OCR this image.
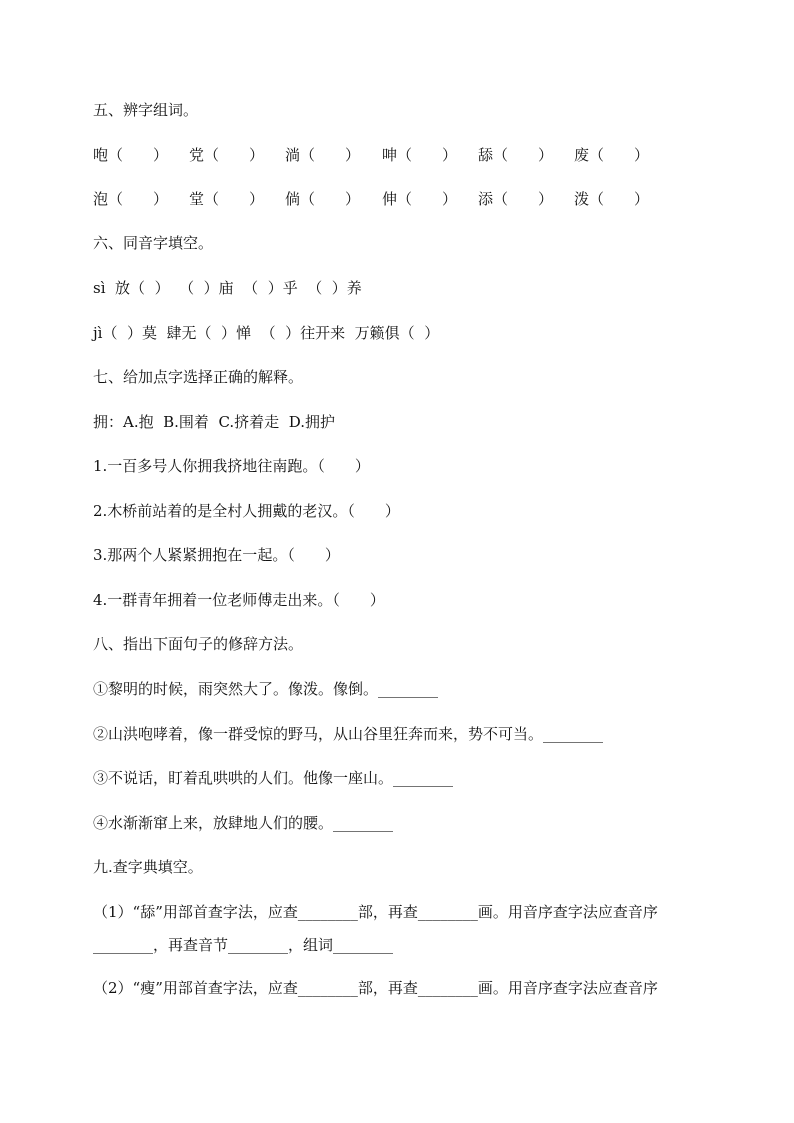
五、辨字组词。
咆（　　） 党（　　） 淌（　　） 呻（　　） 舔（　　） 废（　　）
泡（　　） 堂（　　） 倘（　　） 伸（　　） 添（　　） 泼（　　）
六、同音字填空。
sì  放（  ）  （  ）庙  （  ）乎  （  ）养
jì（  ）莫  肆无（  ）惮  （  ）往开来  万籁俱（  ）
七、给加点字选择正确的解释。
拥：A.抱  B.围着  C.挤着走  D.拥护
1.一百多号人你拥我挤地往南跑。（　　）
2.木桥前站着的是全村人拥戴的老汉。（　　）
3.那两个人紧紧拥抱在一起。（　　）
4.一群青年拥着一位老师傅走出来。（　　）
八、指出下面句子的修辞方法。
①黎明的时候，雨突然大了。像泼。像倒。________
②山洪咆哮着，像一群受惊的野马，从山谷里狂奔而来，势不可当。________
③不说话，盯着乱哄哄的人们。他像一座山。________
④水渐渐窜上来，放肆地人们的腰。________
九.查字典填空。
（1）“舔”用部首查字法，应查________部，再查________画。用音序查字法应查音序
________，再查音节________，组词________
（2）“瘦”用部首查字法，应查________部，再查________画。用音序查字法应查音序
